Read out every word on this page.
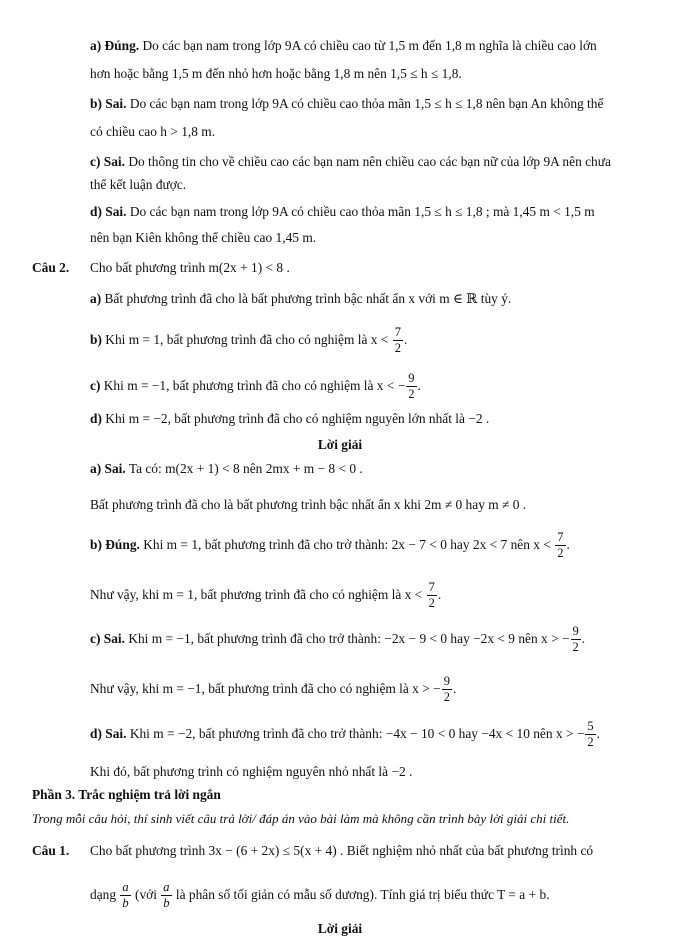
a) Đúng. Do các bạn nam trong lớp 9A có chiều cao từ 1,5 m đến 1,8 m nghĩa là chiều cao lớn
hơn hoặc bằng 1,5 m đến nhỏ hơn hoặc bằng 1,8 m nên 1,5 ≤ h ≤ 1,8.
b) Sai. Do các bạn nam trong lớp 9A có chiều cao thỏa mãn 1,5 ≤ h ≤ 1,8 nên bạn An không thể
có chiều cao h > 1,8 m.
c) Sai. Do thông tin cho về chiều cao các bạn nam nên chiều cao các bạn nữ của lớp 9A nên chưa
thể kết luận được.
d) Sai. Do các bạn nam trong lớp 9A có chiều cao thỏa mãn 1,5 ≤ h ≤ 1,8 ; mà 1,45 m < 1,5 m
nên bạn Kiên không thể chiều cao 1,45 m.
Câu 2. Cho bất phương trình m(2x + 1) < 8 .
a) Bất phương trình đã cho là bất phương trình bậc nhất ẩn x với m ∈ ℝ tùy ý.
b) Khi m = 1, bất phương trình đã cho có nghiệm là $x < \frac{7}{2}$ .
c) Khi m = −1, bất phương trình đã cho có nghiệm là x < − $\frac{9}{2}$ .
d) Khi m = −2, bất phương trình đã cho có nghiệm nguyên lớn nhất là −2 .
Lời giải
a) Sai. Ta có: m(2x + 1) < 8 nên 2mx + m − 8 < 0 .
Bất phương trình đã cho là bất phương trình bậc nhất ẩn x khi 2m ≠ 0 hay m ≠ 0 .
b) Đúng. Khi m = 1, bất phương trình đã cho trở thành: 2x − 7 < 0 hay 2x < 7 nên $x < \frac{7}{2}$ .
Như vậy, khi m = 1, bất phương trình đã cho có nghiệm là $x < \frac{7}{2}$ .
c) Sai. Khi m = −1, bất phương trình đã cho trở thành: −2x − 9 < 0 hay −2x < 9 nên x > − $\frac{9}{2}$ .
Như vậy, khi m = −1, bất phương trình đã cho có nghiệm là x > − $\frac{9}{2}$ .
d) Sai. Khi m = −2, bất phương trình đã cho trở thành: −4x − 10 < 0 hay −4x < 10 nên x > − $\frac{5}{2}$ .
Khi đó, bất phương trình có nghiệm nguyên nhỏ nhất là −2 .
Phần 3. Trắc nghiệm trả lời ngắn
Trong mỗi câu hỏi, thí sinh viết câu trả lời/ đáp án vào bài làm mà không cần trình bày lời giải chi tiết.
Câu 1. Cho bất phương trình 3x − (6 + 2x) ≤ 5(x + 4) . Biết nghiệm nhỏ nhất của bất phương trình có
dạng $\frac{a}{b}$ (với $\frac{a}{b}$ là phân số tối giản có mẫu số dương). Tính giá trị biểu thức T = a + b.
Lời giải
